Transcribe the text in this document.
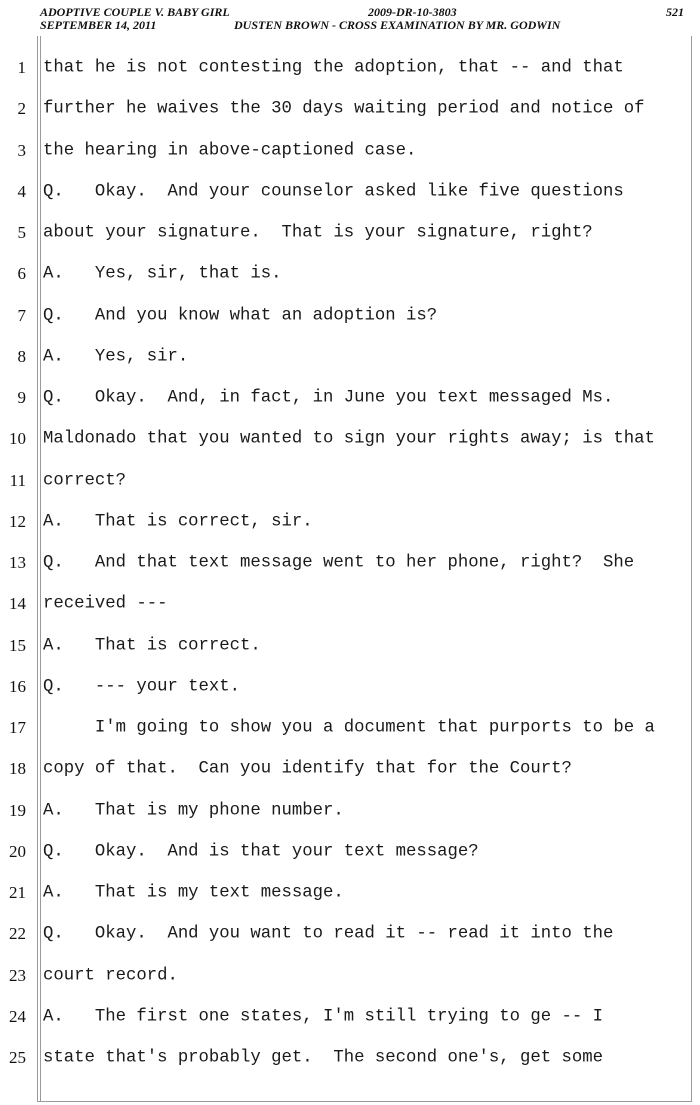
ADOPTIVE COUPLE V. BABY GIRL	2009-DR-10-3803	521
SEPTEMBER 14, 2011	DUSTEN BROWN - CROSS EXAMINATION BY MR. GODWIN
1 that he is not contesting the adoption, that -- and that
2 further he waives the 30 days waiting period and notice of
3 the hearing in above-captioned case.
4 Q.   Okay.  And your counselor asked like five questions
5 about your signature.  That is your signature, right?
6 A.   Yes, sir, that is.
7 Q.   And you know what an adoption is?
8 A.   Yes, sir.
9 Q.   Okay.  And, in fact, in June you text messaged Ms.
10 Maldonado that you wanted to sign your rights away; is that
11 correct?
12 A.   That is correct, sir.
13 Q.   And that text message went to her phone, right?  She
14 received ---
15 A.   That is correct.
16 Q.   --- your text.
17 I'm going to show you a document that purports to be a
18 copy of that.  Can you identify that for the Court?
19 A.   That is my phone number.
20 Q.   Okay.  And is that your text message?
21 A.   That is my text message.
22 Q.   Okay.  And you want to read it -- read it into the
23 court record.
24 A.   The first one states, I'm still trying to ge -- I
25 state that's probably get.  The second one's, get some
